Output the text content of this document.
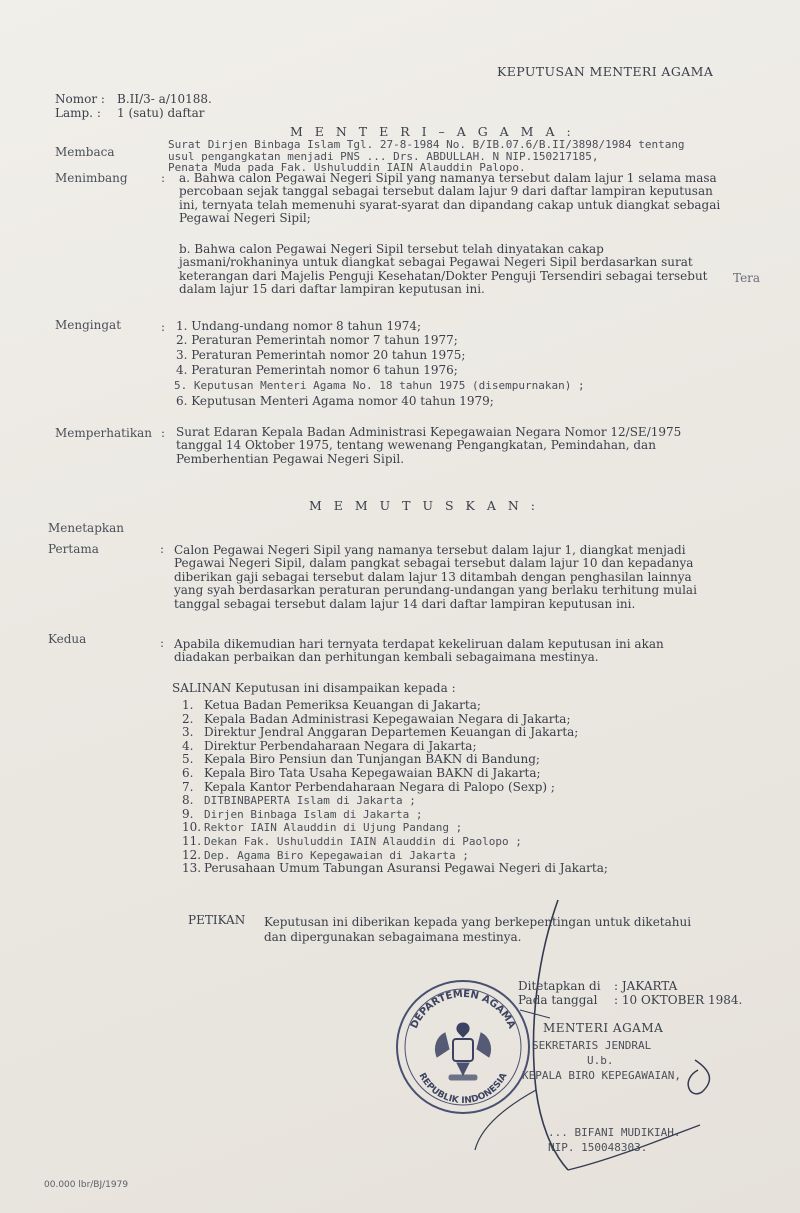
KEPUTUSAN MENTERI AGAMA
Nomor : B.II/3- a/10188.
Lamp. : 1 (satu) daftar
M E N T E R I – A G A M A :
Membaca
Surat Dirjen Binbaga Islam Tgl. 27-8-1984 No. B/IB.07.6/B.II/3898/1984 tentang
usul pengangkatan menjadi PNS ... Drs. ABDULLAH. N NIP.150217185,
Penata Muda pada Fak. Ushuluddin IAIN Alauddin Palopo.
Menimbang	: a. Bahwa calon Pegawai Negeri Sipil yang namanya tersebut dalam lajur 1 selama masa percobaan sejak tanggal sebagai tersebut dalam lajur 9 dari daftar lampiran keputusan ini, ternyata telah memenuhi syarat-syarat dan dipandang cakap untuk diangkat sebagai Pegawai Negeri Sipil;
b. Bahwa calon Pegawai Negeri Sipil tersebut telah dinyatakan cakap jasmani/rokhaninya untuk diangkat sebagai Pegawai Negeri Sipil berdasarkan surat keterangan dari Majelis Penguji Kesehatan/Dokter Penguji Tersendiri sebagai tersebut dalam lajur 15 dari daftar lampiran keputusan ini.
Tera
Mengingat	: 1. Undang-undang nomor 8 tahun 1974;
2. Peraturan Pemerintah nomor 7 tahun 1977;
3. Peraturan Pemerintah nomor 20 tahun 1975;
4. Peraturan Pemerintah nomor 6 tahun 1976;
5. Keputusan Menteri Agama No. 18 tahun 1975 (disempurnakan) ;
6. Keputusan Menteri Agama nomor 40 tahun 1979;
Memperhatikan : Surat Edaran Kepala Badan Administrasi Kepegawaian Negara Nomor 12/SE/1975 tanggal 14 Oktober 1975, tentang wewenang Pengangkatan, Pemindahan, dan Pemberhentian Pegawai Negeri Sipil.
M E M U T U S K A N :
Menetapkan
Pertama	: Calon Pegawai Negeri Sipil yang namanya tersebut dalam lajur 1, diangkat menjadi Pegawai Negeri Sipil, dalam pangkat sebagai tersebut dalam lajur 10 dan kepadanya diberikan gaji sebagai tersebut dalam lajur 13 ditambah dengan penghasilan lainnya yang syah berdasarkan peraturan perundang-undangan yang berlaku terhitung mulai tanggal sebagai tersebut dalam lajur 14 dari daftar lampiran keputusan ini.
Kedua	: Apabila dikemudian hari ternyata terdapat kekeliruan dalam keputusan ini akan diadakan perbaikan dan perhitungan kembali sebagaimana mestinya.
SALINAN Keputusan ini disampaikan kepada :
1. Ketua Badan Pemeriksa Keuangan di Jakarta;
2. Kepala Badan Administrasi Kepegawaian Negara di Jakarta;
3. Direktur Jendral Anggaran Departemen Keuangan di Jakarta;
4. Direktur Perbendaharaan Negara di Jakarta;
5. Kepala Biro Pensiun dan Tunjangan BAKN di Bandung;
6. Kepala Biro Tata Usaha Kepegawaian BAKN di Jakarta;
7. Kepala Kantor Perbendaharaan Negara di Palopo (Sexp) ;
8. DITBINBAPERTA Islam di Jakarta ;
9. Dirjen Binbaga Islam di Jakarta ;
10. Rektor IAIN Alauddin di Ujung Pandang ;
11. Dekan Fak. Ushuluddin IAIN Alauddin di Paolopo ;
12. Dep. Agama Biro Kepegawaian di Jakarta ;
13. Perusahaan Umum Tabungan Asuransi Pegawai Negeri di Jakarta;
PETIKAN Keputusan ini diberikan kepada yang berkepentingan untuk diketahui
dan dipergunakan sebagaimana mestinya.
Ditetapkan di : JAKARTA
Pada tanggal : 10 OKTOBER 1984.
MENTERI AGAMA
SEKRETARIS JENDRAL
U.b.
KEPALA BIRO KEPEGAWAIAN,
... BIFANI MUDIKIAH.
NIP. 150048303.
DEPARTEMEN AGAMA
REPUBLIK INDONESIA
00.000 lbr/BJ/1979
